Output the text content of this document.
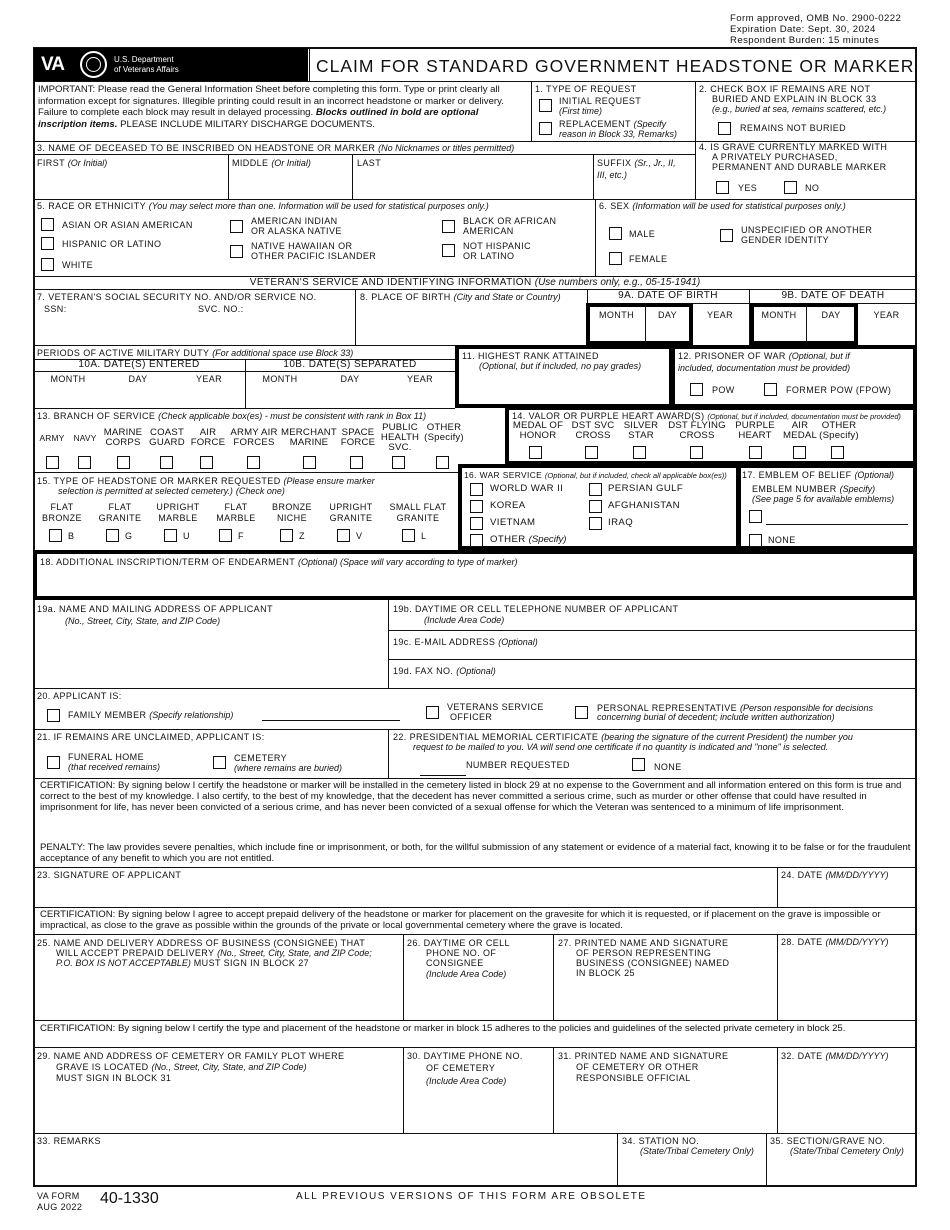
Form approved, OMB No. 2900-0222
Expiration Date: Sept. 30, 2024
Respondent Burden: 15 minutes
VA	U.S. Department
of Veterans Affairs	CLAIM FOR STANDARD GOVERNMENT HEADSTONE OR MARKER
IMPORTANT: Please read the General Information Sheet before completing this form. Type or print clearly all information except for signatures. Illegible printing could result in an incorrect headstone or marker or delivery. Failure to complete each block may result in delayed processing. Blocks outlined in bold are optional inscription items. PLEASE INCLUDE MILITARY DISCHARGE DOCUMENTS.
1. TYPE OF REQUEST
INITIAL REQUEST
(First time)
REPLACEMENT (Specify
reason in Block 33, Remarks)
2. CHECK BOX IF REMAINS ARE NOT
BURIED AND EXPLAIN IN BLOCK 33
(e.g., buried at sea, remains scattered, etc.)
REMAINS NOT BURIED
3. NAME OF DECEASED TO BE INSCRIBED ON HEADSTONE OR MARKER (No Nicknames or titles permitted)
FIRST (Or Initial)	MIDDLE (Or Initial)	LAST	SUFFIX (Sr., Jr., II,
III, etc.)
4. IS GRAVE CURRENTLY MARKED WITH
A PRIVATELY PURCHASED,
PERMANENT AND DURABLE MARKER
YES	NO
5. RACE OR ETHNICITY (You may select more than one. Information will be used for statistical purposes only.)
ASIAN OR ASIAN AMERICAN
HISPANIC OR LATINO
WHITE
AMERICAN INDIAN
OR ALASKA NATIVE
NATIVE HAWAIIAN OR
OTHER PACIFIC ISLANDER
BLACK OR AFRICAN
AMERICAN
NOT HISPANIC
OR LATINO
6. SEX (Information will be used for statistical purposes only.)
MALE
FEMALE
UNSPECIFIED OR ANOTHER
GENDER IDENTITY
VETERAN'S SERVICE AND IDENTIFYING INFORMATION (Use numbers only, e.g., 05-15-1941)
7. VETERAN'S SOCIAL SECURITY NO. AND/OR SERVICE NO.
SSN:	SVC. NO.:
8. PLACE OF BIRTH (City and State or Country)	9A. DATE OF BIRTH	9B. DATE OF DEATH
MONTH	DAY	YEAR	MONTH	DAY	YEAR
PERIODS OF ACTIVE MILITARY DUTY (For additional space use Block 33)
10A. DATE(S) ENTERED	10B. DATE(S) SEPARATED
MONTH	DAY	YEAR	MONTH	DAY	YEAR
11. HIGHEST RANK ATTAINED
(Optional, but if included, no pay grades)
12. PRISONER OF WAR (Optional, but if
included, documentation must be provided)
POW	FORMER POW (FPOW)
13. BRANCH OF SERVICE (Check applicable box(es) - must be consistent with rank in Box 11)
ARMY	NAVY MARINE CORPS
COAST GUARD
AIR FORCE
ARMY AIR FORCES
MERCHANT MARINE
SPACE FORCE
PUBLIC HEALTH SVC.
OTHER (Specify)
14. VALOR OR PURPLE HEART AWARD(S) (Optional, but if included, documentation must be provided)
MEDAL OF HONOR
DST SVC CROSS
SILVER STAR
DST FLYING CROSS
PURPLE HEART
AIR MEDAL
OTHER (Specify)
15. TYPE OF HEADSTONE OR MARKER REQUESTED (Please ensure marker
selection is permitted at selected cemetery.) (Check one)
FLAT
BRONZE
B
FLAT
GRANITE
G
UPRIGHT
MARBLE
U
FLAT
MARBLE
F
BRONZE
NICHE
Z
UPRIGHT
GRANITE
V
SMALL FLAT
GRANITE
L
16. WAR SERVICE (Optional, but if included, check all applicable box(es))
WORLD WAR II
KOREA
VIETNAM
OTHER (Specify)
PERSIAN GULF
AFGHANISTAN
IRAQ
17. EMBLEM OF BELIEF (Optional)
EMBLEM NUMBER (Specify)
(See page 5 for available emblems)
NONE
18. ADDITIONAL INSCRIPTION/TERM OF ENDEARMENT (Optional) (Space will vary according to type of marker)
19a. NAME AND MAILING ADDRESS OF APPLICANT
(No., Street, City, State, and ZIP Code)
19b. DAYTIME OR CELL TELEPHONE NUMBER OF APPLICANT
(Include Area Code)
19c. E-MAIL ADDRESS (Optional)
19d. FAX NO. (Optional)
20. APPLICANT IS:
FAMILY MEMBER (Specify relationship)
VETERANS SERVICE
OFFICER
PERSONAL REPRESENTATIVE (Person responsible for decisions
concerning burial of decedent; include written authorization)
21. IF REMAINS ARE UNCLAIMED, APPLICANT IS:
FUNERAL HOME
(that received remains)
CEMETERY
(where remains are buried)
22. PRESIDENTIAL MEMORIAL CERTIFICATE (bearing the signature of the current President) the number you
request to be mailed to you. VA will send one certificate if no quantity is indicated and "none" is selected.
NUMBER REQUESTED	NONE
CERTIFICATION: By signing below I certify the headstone or marker will be installed in the cemetery listed in block 29 at no expense to the Government and all information entered on this form is true and correct to the best of my knowledge. I also certify, to the best of my knowledge, that the decedent has never committed a serious crime, such as murder or other offense that could have resulted in imprisonment for life, has never been convicted of a serious crime, and has never been convicted of a sexual offense for which the Veteran was sentenced to a minimum of life imprisonment.
PENALTY: The law provides severe penalties, which include fine or imprisonment, or both, for the willful submission of any statement or evidence of a material fact, knowing it to be false or for the fraudulent acceptance of any benefit to which you are not entitled.
23. SIGNATURE OF APPLICANT	24. DATE (MM/DD/YYYY)
CERTIFICATION: By signing below I agree to accept prepaid delivery of the headstone or marker for placement on the gravesite for which it is requested, or if placement on the grave is impossible or impractical, as close to the grave as possible within the grounds of the private or local governmental cemetery where the grave is located.
25. NAME AND DELIVERY ADDRESS OF BUSINESS (CONSIGNEE) THAT
WILL ACCEPT PREPAID DELIVERY (No., Street, City, State, and ZIP Code;
P.O. BOX IS NOT ACCEPTABLE) MUST SIGN IN BLOCK 27
26. DAYTIME OR CELL
PHONE NO. OF
CONSIGNEE
(Include Area Code)
27. PRINTED NAME AND SIGNATURE
OF PERSON REPRESENTING
BUSINESS (CONSIGNEE) NAMED
IN BLOCK 25
28. DATE (MM/DD/YYYY)
CERTIFICATION: By signing below I certify the type and placement of the headstone or marker in block 15 adheres to the policies and guidelines of the selected private cemetery in block 25.
29. NAME AND ADDRESS OF CEMETERY OR FAMILY PLOT WHERE
GRAVE IS LOCATED (No., Street, City, State, and ZIP Code)
MUST SIGN IN BLOCK 31
30. DAYTIME PHONE NO.
OF CEMETERY
(Include Area Code)
31. PRINTED NAME AND SIGNATURE
OF CEMETERY OR OTHER
RESPONSIBLE OFFICIAL
32. DATE (MM/DD/YYYY)
33. REMARKS	34. STATION NO.
(State/Tribal Cemetery Only)
35. SECTION/GRAVE NO.
(State/Tribal Cemetery Only)
VA FORM
AUG 2022 40-1330	ALL PREVIOUS VERSIONS OF THIS FORM ARE OBSOLETE
